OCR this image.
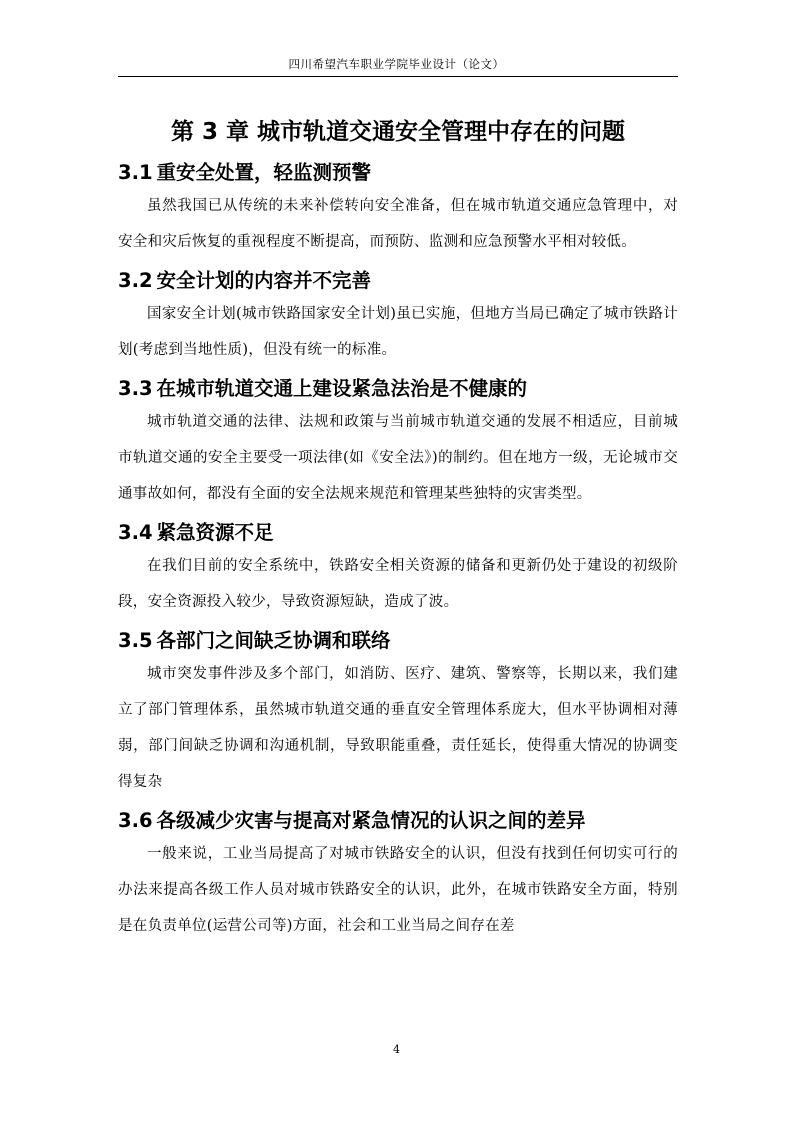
四川希望汽车职业学院毕业设计（论文）
第 3 章 城市轨道交通安全管理中存在的问题
3.1 重安全处置，轻监测预警

虽然我国已从传统的未来补偿转向安全准备，但在城市轨道交通应急管理中，对安全和灾后恢复的重视程度不断提高，而预防、监测和应急预警水平相对较低。

3.2 安全计划的内容并不完善

国家安全计划(城市铁路国家安全计划)虽已实施，但地方当局已确定了城市铁路计划(考虑到当地性质)，但没有统一的标准。

3.3 在城市轨道交通上建设紧急法治是不健康的

城市轨道交通的法律、法规和政策与当前城市轨道交通的发展不相适应，目前城市轨道交通的安全主要受一项法律(如《安全法》)的制约。但在地方一级，无论城市交通事故如何，都没有全面的安全法规来规范和管理某些独特的灾害类型。

3.4 紧急资源不足

在我们目前的安全系统中，铁路安全相关资源的储备和更新仍处于建设的初级阶段，安全资源投入较少，导致资源短缺，造成了波。

3.5 各部门之间缺乏协调和联络

城市突发事件涉及多个部门，如消防、医疗、建筑、警察等，长期以来，我们建立了部门管理体系，虽然城市轨道交通的垂直安全管理体系庞大，但水平协调相对薄弱，部门间缺乏协调和沟通机制，导致职能重叠，责任延长，使得重大情况的协调变得复杂

3.6 各级减少灾害与提高对紧急情况的认识之间的差异

一般来说，工业当局提高了对城市铁路安全的认识，但没有找到任何切实可行的办法来提高各级工作人员对城市铁路安全的认识，此外，在城市铁路安全方面，特别是在负责单位(运营公司等)方面，社会和工业当局之间存在差

4
